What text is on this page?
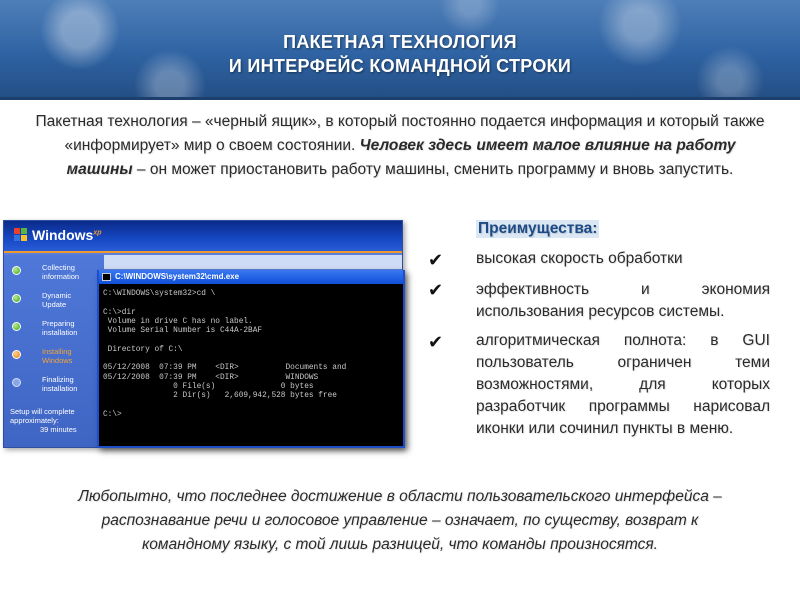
ПАКЕТНАЯ ТЕХНОЛОГИЯ
И ИНТЕРФЕЙС КОМАНДНОЙ СТРОКИ
Пакетная технология – «черный ящик», в который постоянно подается информация и который также «информирует» мир о своем состоянии. Человек здесь имеет малое влияние на работу машины – он может приостановить работу машины, сменить программу и вновь запустить.
Windows$^{xp}$
Collecting
information
Dynamic
Update
Preparing
installation
Installing
Windows
Finalizing
installation
Setup will complete
approximately:
39 minutes
C:\WINDOWS\system32\cmd.exe
C:\WINDOWS\system32>cd \

C:\>dir
Volume in drive C has no label.
Volume Serial Number is C44A-2BAF

Directory of C:\

05/12/2008  07:39 PM    <DIR>          Documents and
05/12/2008  07:39 PM    <DIR>          WINDOWS
0 File(s)              0 bytes
2 Dir(s)   2,609,942,528 bytes free

C:\>
Преимущества:
✔ высокая скорость обработки
✔ эффективность и экономия использования ресурсов системы.
✔ алгоритмическая полнота: в GUI пользователь ограничен теми возможностями, для которых разработчик программы нарисовал иконки или сочинил пункты в меню.
Любопытно, что последнее достижение в области пользовательского интерфейса – распознавание речи и голосовое управление – означает, по существу, возврат к командному языку, с той лишь разницей, что команды произносятся.
